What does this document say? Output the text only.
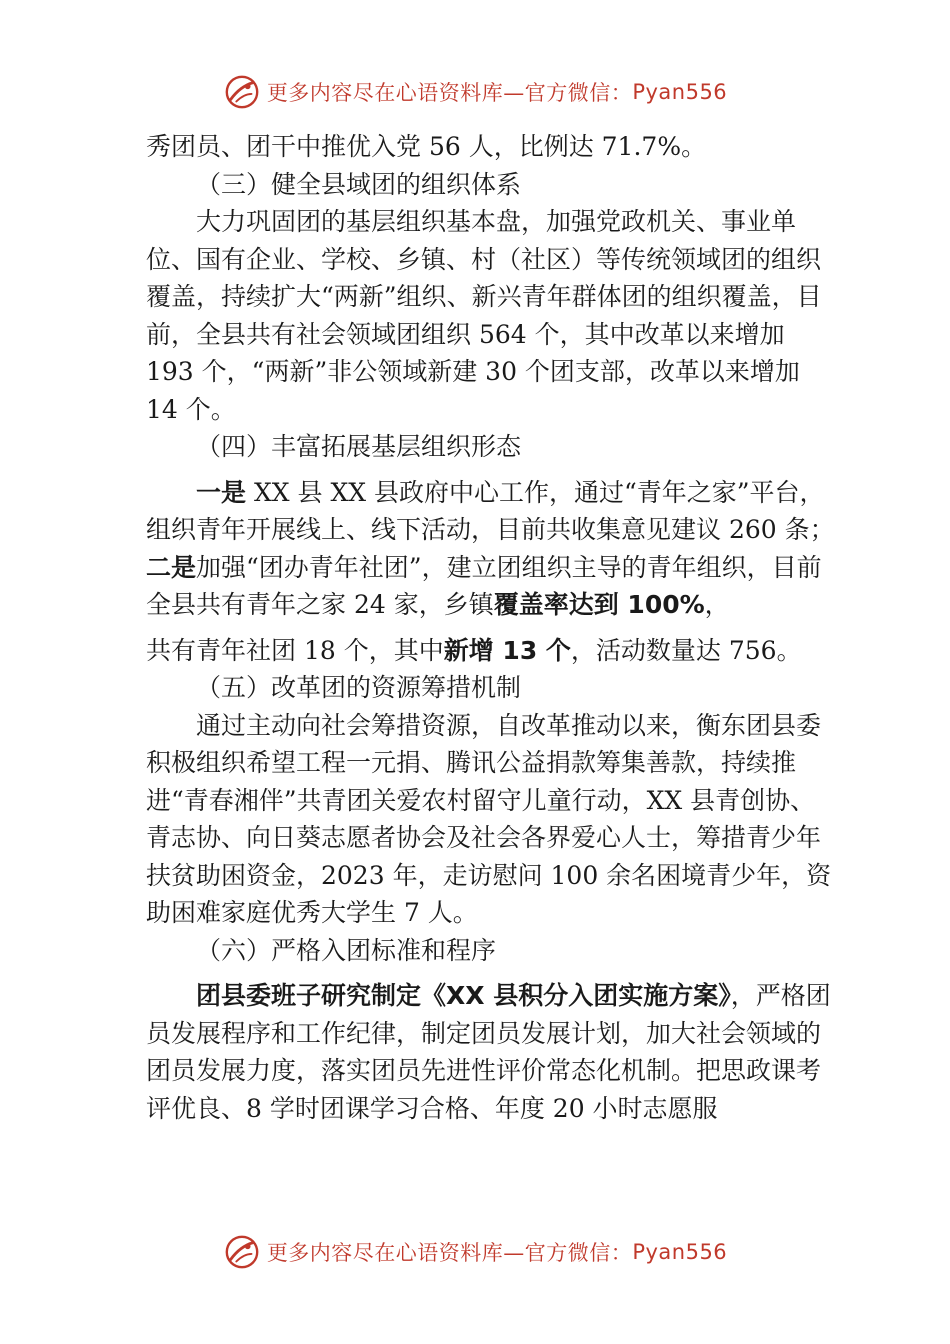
更多内容尽在心语资料库—官方微信： Pyan556

秀团员、团干中推优入党 56 人，比例达 71.7%。

（三）健全县域团的组织体系

大力巩固团的基层组织基本盘，加强党政机关、事业单位、国有企业、学校、乡镇、村（社区）等传统领域团的组织覆盖，持续扩大“两新”组织、新兴青年群体团的组织覆盖，目前，全县共有社会领域团组织 564 个，其中改革以来增加 193 个，“两新”非公领域新建 30 个团支部，改革以来增加 14 个。

（四）丰富拓展基层组织形态

一是 XX 县 XX 县政府中心工作，通过“青年之家”平台，组织青年开展线上、线下活动，目前共收集意见建议 260 条；二是加强“团办青年社团”，建立团组织主导的青年组织，目前全县共有青年之家 24 家，乡镇覆盖率达到 100%，

共有青年社团 18 个，其中新增 13 个，活动数量达 756。

（五）改革团的资源筹措机制

通过主动向社会筹措资源，自改革推动以来，衡东团县委积极组织希望工程一元捐、腾讯公益捐款筹集善款，持续推进“青春湘伴”共青团关爱农村留守儿童行动，XX 县青创协、青志协、向日葵志愿者协会及社会各界爱心人士，筹措青少年扶贫助困资金，2023 年，走访慰问 100 余名困境青少年，资助困难家庭优秀大学生 7 人。

（六）严格入团标准和程序

团县委班子研究制定《XX 县积分入团实施方案》，严格团员发展程序和工作纪律，制定团员发展计划，加大社会领域的团员发展力度，落实团员先进性评价常态化机制。把思政课考评优良、8 学时团课学习合格、年度 20 小时志愿服

更多内容尽在心语资料库—官方微信： Pyan556
